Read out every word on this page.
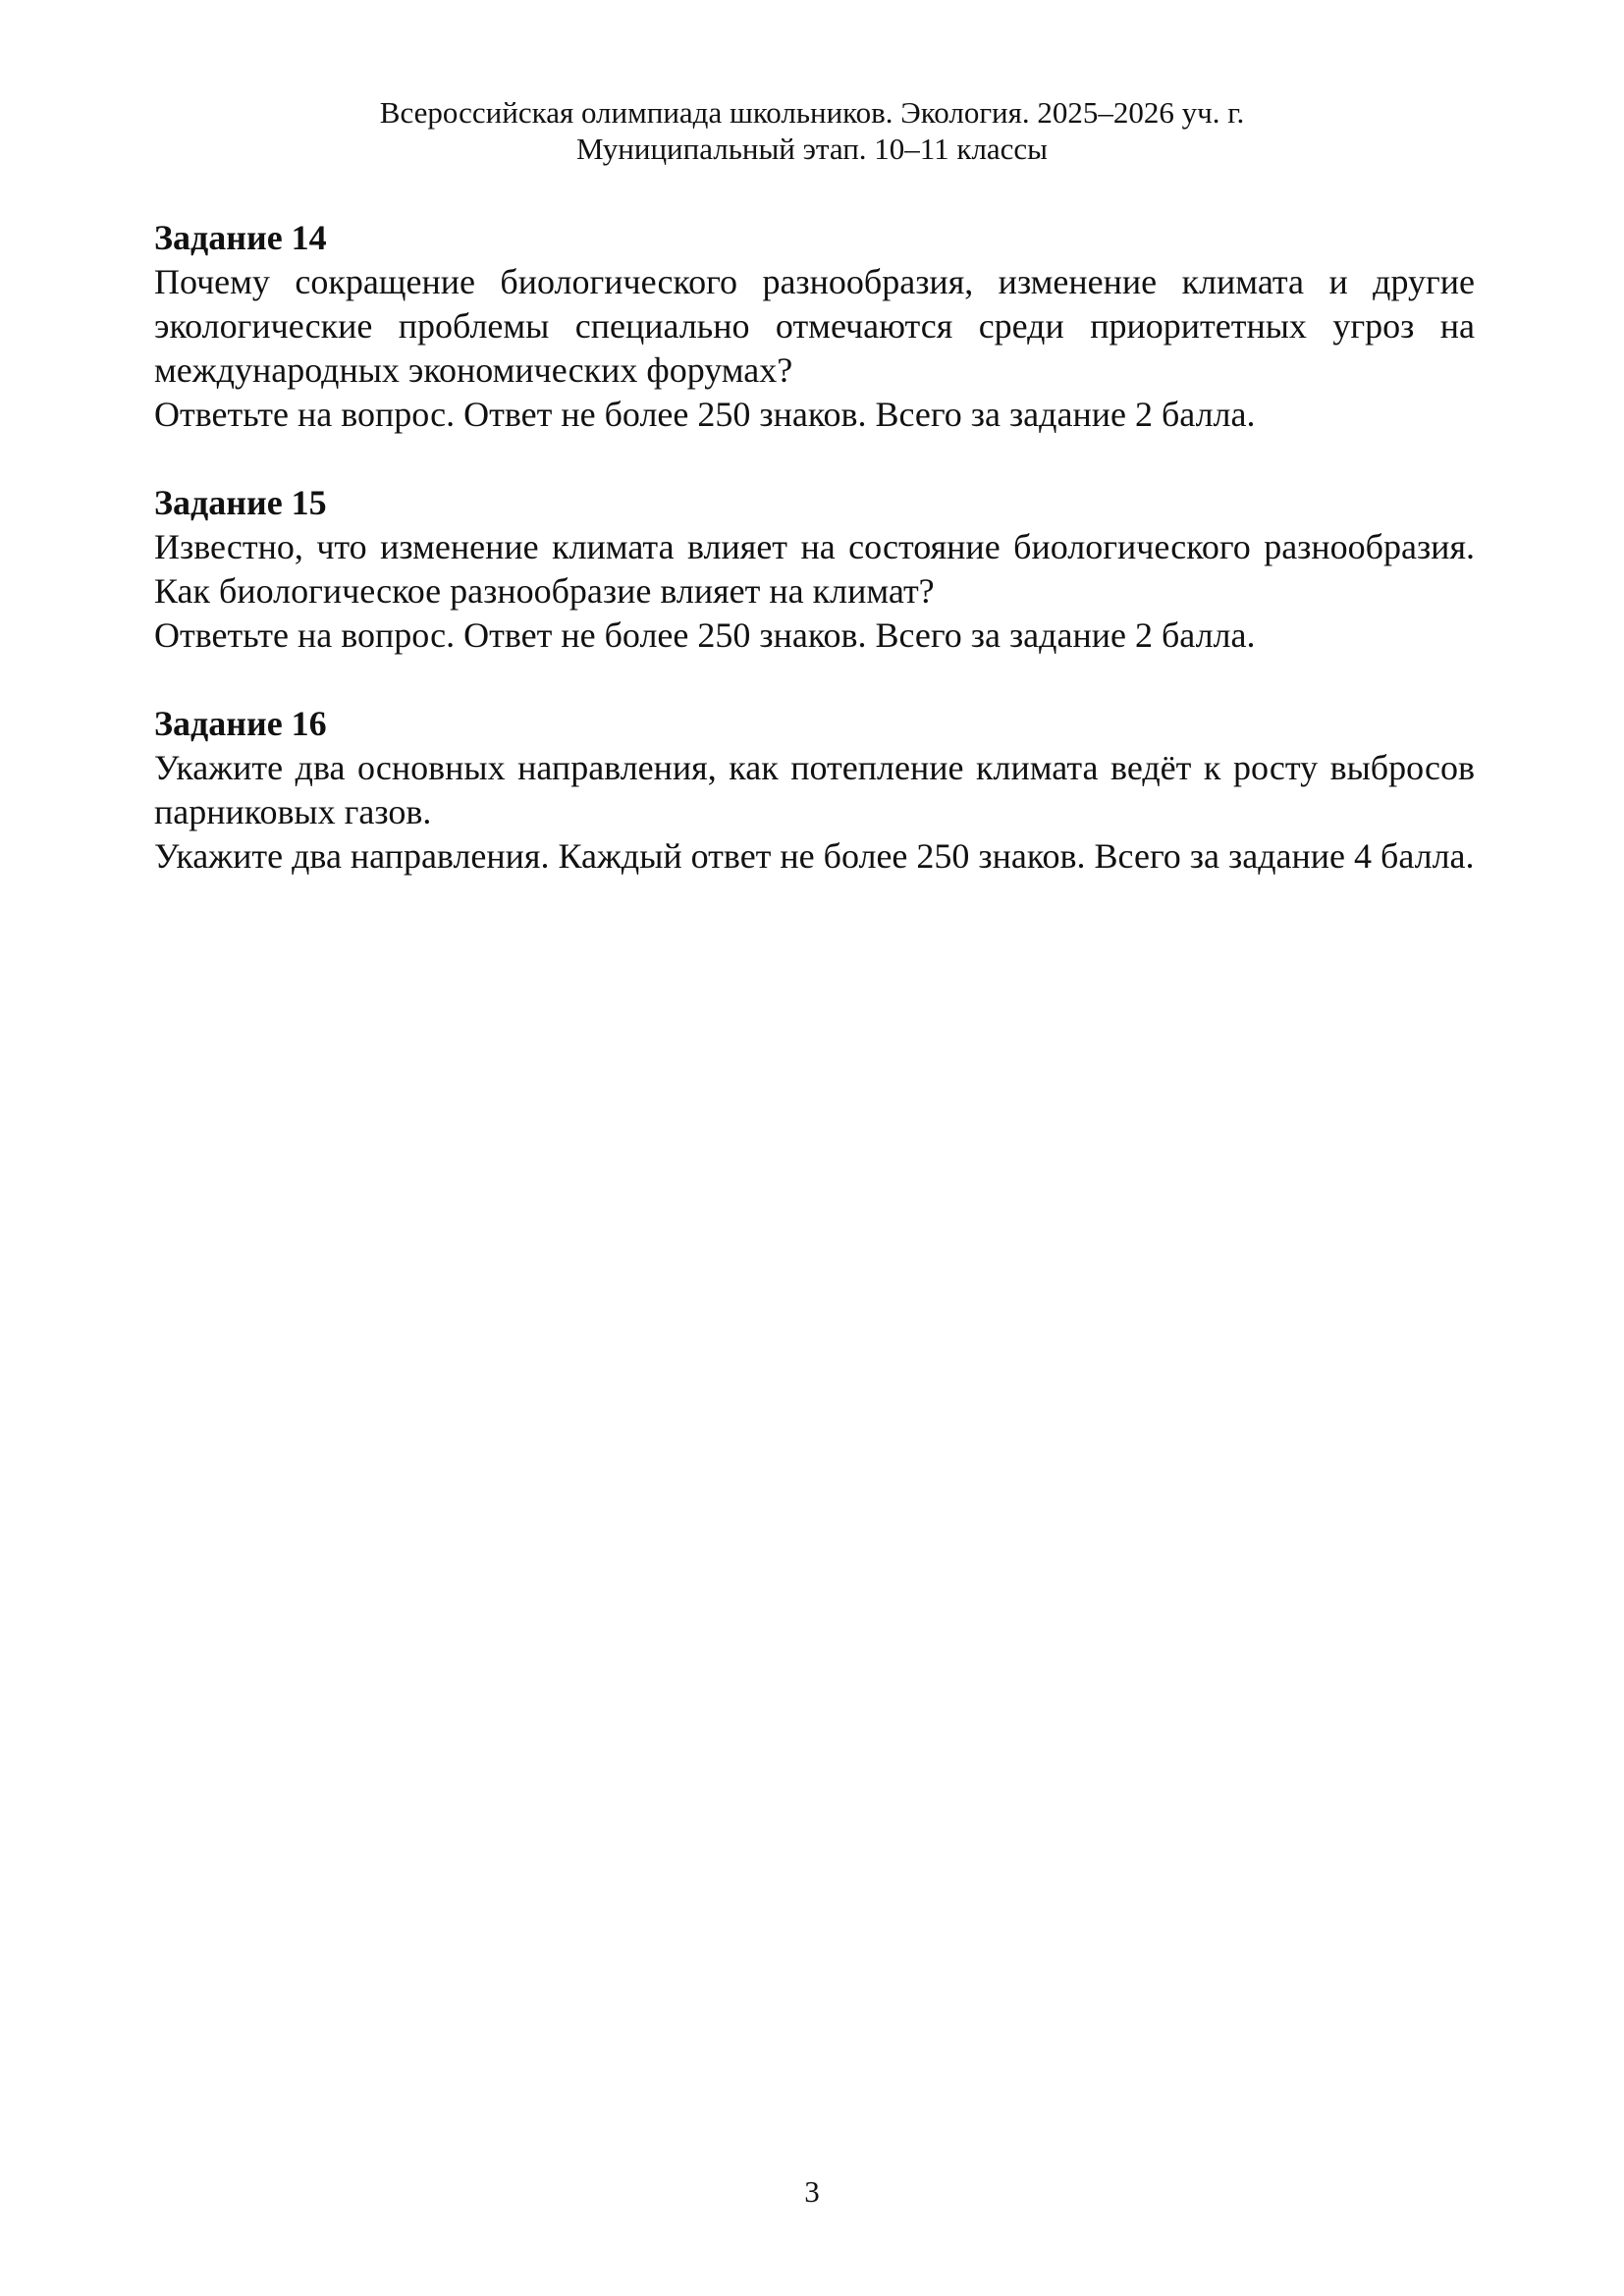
Всероссийская олимпиада школьников. Экология. 2025–2026 уч. г.
Муниципальный этап. 10–11 классы
Задание 14
Почему сокращение биологического разнообразия, изменение климата и другие экологические проблемы специально отмечаются среди приоритетных угроз на международных экономических форумах?
Ответьте на вопрос. Ответ не более 250 знаков. Всего за задание 2 балла.
Задание 15
Известно, что изменение климата влияет на состояние биологического разнообразия. Как биологическое разнообразие влияет на климат?
Ответьте на вопрос. Ответ не более 250 знаков. Всего за задание 2 балла.
Задание 16
Укажите два основных направления, как потепление климата ведёт к росту выбросов парниковых газов.
Укажите два направления. Каждый ответ не более 250 знаков. Всего за задание 4 балла.
3
